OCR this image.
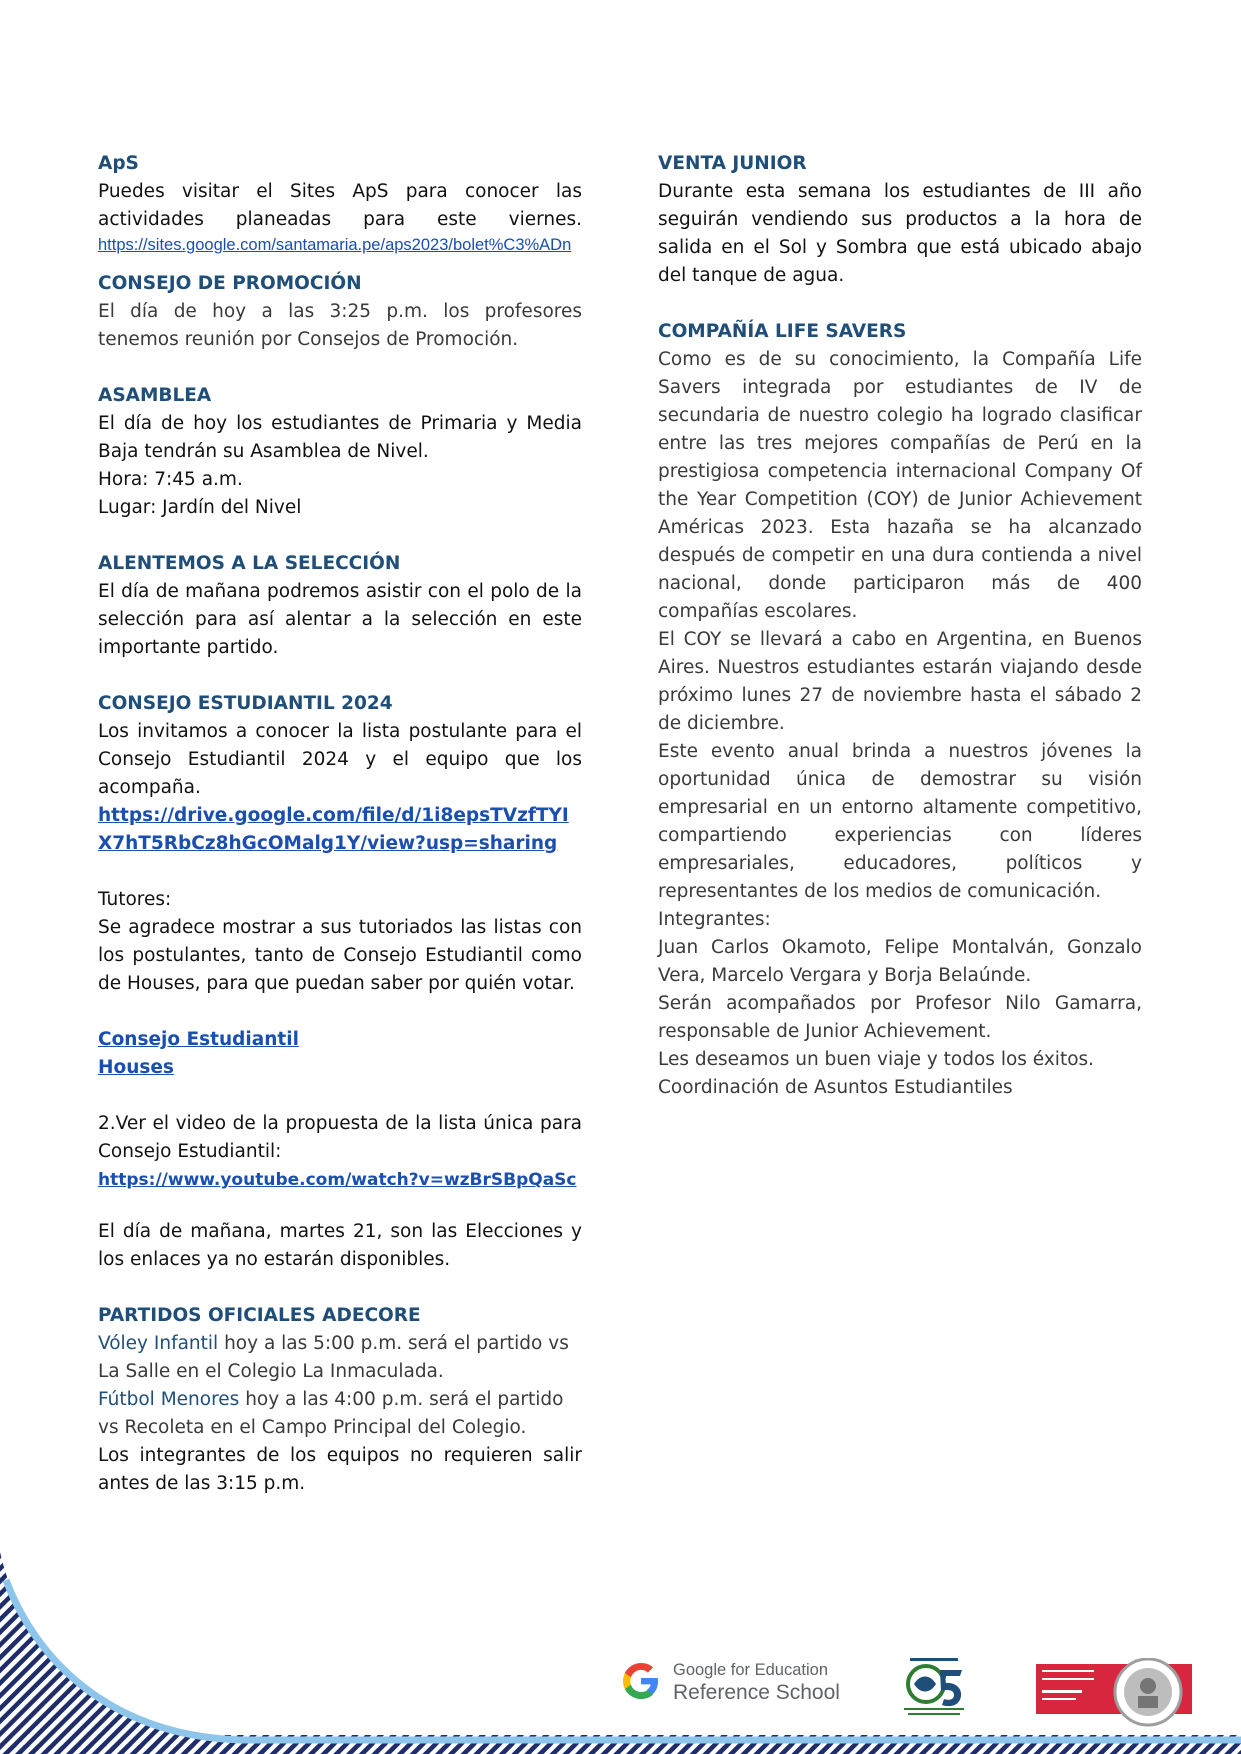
ApS
Puedes visitar el Sites ApS para conocer las
actividades planeadas para este viernes.
https://sites.google.com/santamaria.pe/aps2023/bolet%C3%ADn
CONSEJO DE PROMOCIÓN
El día de hoy a las 3:25 p.m. los profesores tenemos reunión por Consejos de Promoción.
ASAMBLEA
El día de hoy los estudiantes de Primaria y Media Baja tendrán su Asamblea de Nivel.
Hora: 7:45 a.m.
Lugar: Jardín del Nivel
ALENTEMOS A LA SELECCIÓN
El día de mañana podremos asistir con el polo de la selección para así alentar a la selección en este importante partido.
CONSEJO ESTUDIANTIL 2024
Los invitamos a conocer la lista postulante para el Consejo Estudiantil 2024 y el equipo que los acompaña.
https://drive.google.com/file/d/1i8epsTVzfTYIX7hT5RbCz8hGcOMalg1Y/view?usp=sharing
Tutores:
Se agradece mostrar a sus tutoriados las listas con los postulantes, tanto de Consejo Estudiantil como de Houses, para que puedan saber por quién votar.
Consejo Estudiantil
Houses
2.Ver el video de la propuesta de la lista única para Consejo Estudiantil:
https://www.youtube.com/watch?v=wzBrSBpQaSc
El día de mañana, martes 21, son las Elecciones y los enlaces ya no estarán disponibles.
PARTIDOS OFICIALES ADECORE
Vóley Infantil hoy a las 5:00 p.m. será el partido vs La Salle en el Colegio La Inmaculada.
Fútbol Menores hoy a las 4:00 p.m. será el partido vs Recoleta en el Campo Principal del Colegio.
Los integrantes de los equipos no requieren salir antes de las 3:15 p.m.
VENTA JUNIOR
Durante esta semana los estudiantes de III año seguirán vendiendo sus productos a la hora de salida en el Sol y Sombra que está ubicado abajo del tanque de agua.
COMPAÑÍA LIFE SAVERS
Como es de su conocimiento, la Compañía Life Savers integrada por estudiantes de IV de secundaria de nuestro colegio ha logrado clasificar entre las tres mejores compañías de Perú en la prestigiosa competencia internacional Company Of the Year Competition (COY) de Junior Achievement Américas 2023. Esta hazaña se ha alcanzado después de competir en una dura contienda a nivel nacional, donde participaron más de 400 compañías escolares.
El COY se llevará a cabo en Argentina, en Buenos Aires. Nuestros estudiantes estarán viajando desde próximo lunes 27 de noviembre hasta el sábado 2 de diciembre.
Este evento anual brinda a nuestros jóvenes la oportunidad única de demostrar su visión empresarial en un entorno altamente competitivo, compartiendo experiencias con líderes empresariales, educadores, políticos y representantes de los medios de comunicación.
Integrantes:
Juan Carlos Okamoto, Felipe Montalván, Gonzalo Vera, Marcelo Vergara y Borja Belaúnde.
Serán acompañados por Profesor Nilo Gamarra, responsable de Junior Achievement.
Les deseamos un buen viaje y todos los éxitos.
Coordinación de Asuntos Estudiantiles
Google for Education
Reference School
